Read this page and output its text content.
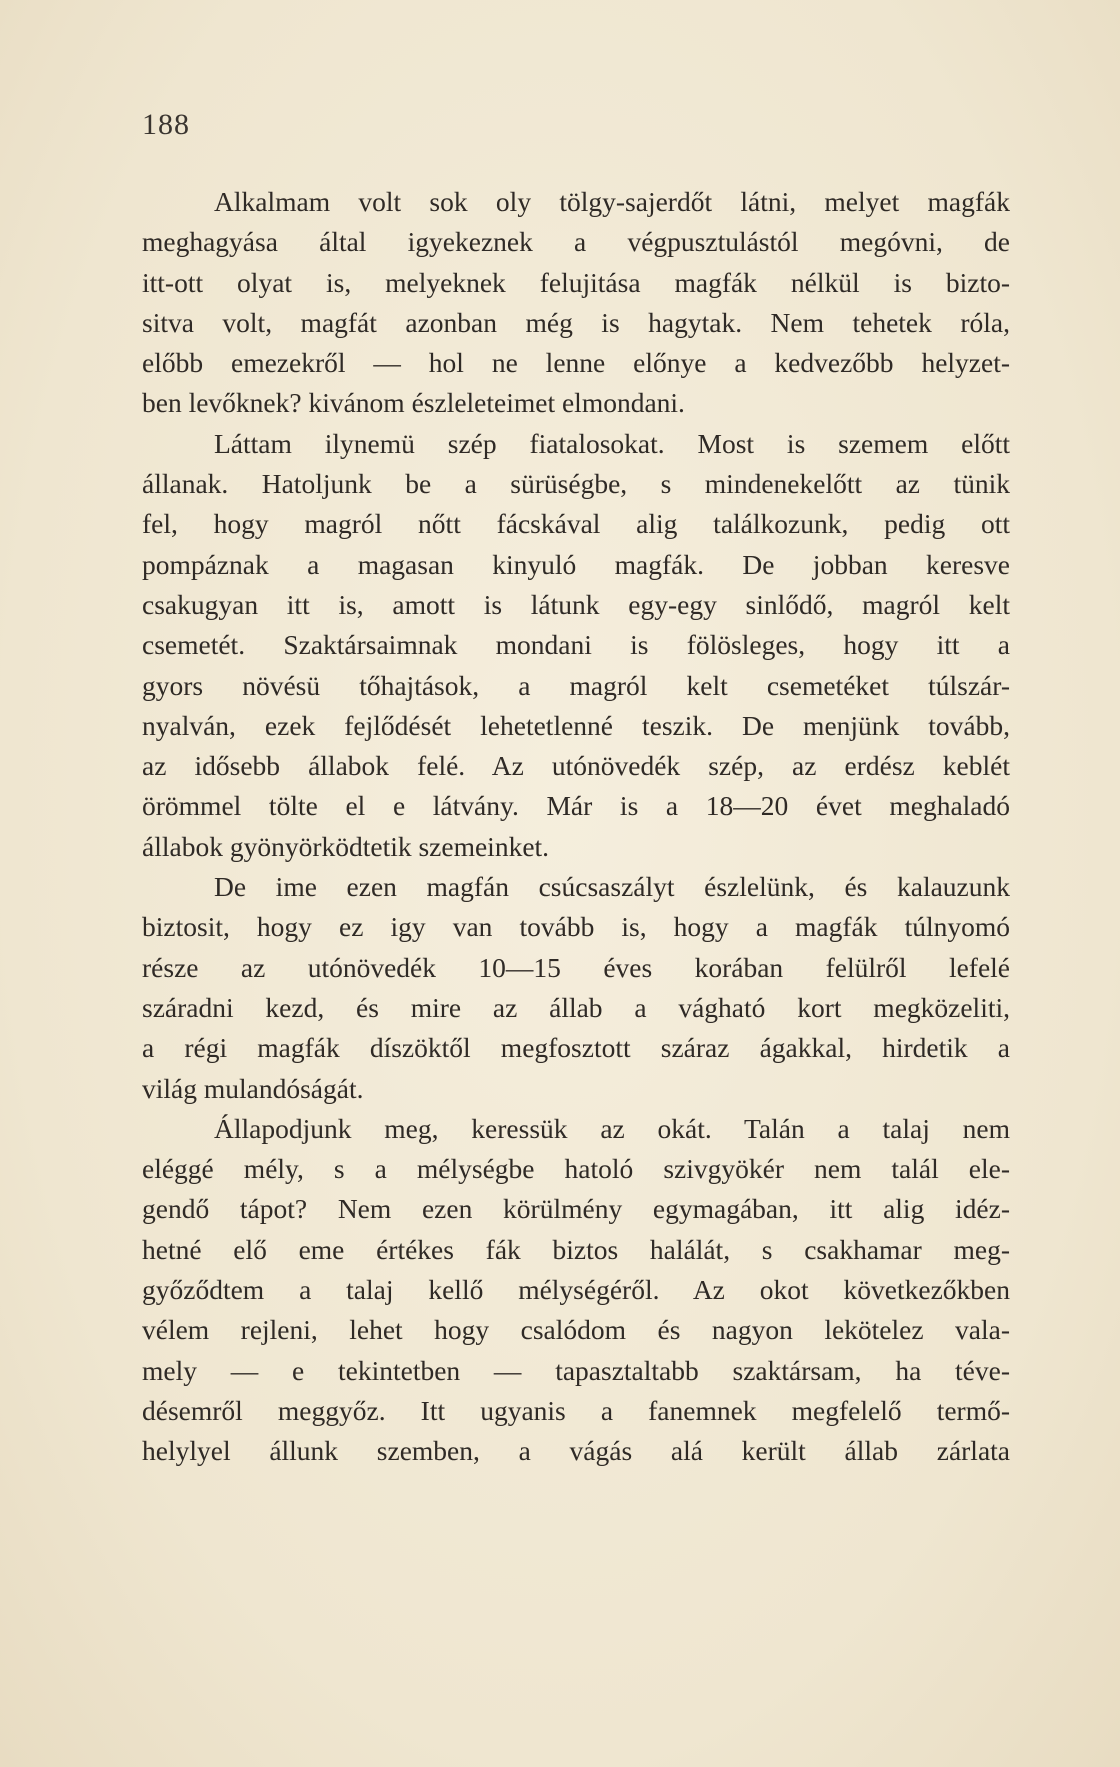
188
Alkalmam volt sok oly tölgy-sajerdőt látni, melyet magfák
meghagyása által igyekeznek a végpusztulástól megóvni, de
itt-ott olyat is, melyeknek felujitása magfák nélkül is bizto-
sitva volt, magfát azonban még is hagytak. Nem tehetek róla,
előbb emezekről — hol ne lenne előnye a kedvezőbb helyzet-
ben levőknek? kivánom észleleteimet elmondani.
Láttam ilynemü szép fiatalosokat. Most is szemem előtt
állanak. Hatoljunk be a sürüségbe, s mindenekelőtt az tünik
fel, hogy magról nőtt fácskával alig találkozunk, pedig ott
pompáznak a magasan kinyuló magfák. De jobban keresve
csakugyan itt is, amott is látunk egy-egy sinlődő, magról kelt
csemetét. Szaktársaimnak mondani is fölösleges, hogy itt a
gyors növésü tőhajtások, a magról kelt csemetéket túlszár-
nyalván, ezek fejlődését lehetetlenné teszik. De menjünk tovább,
az idősebb állabok felé. Az utónövedék szép, az erdész keblét
örömmel tölte el e látvány. Már is a 18—20 évet meghaladó
állabok gyönyörködtetik szemeinket.
De ime ezen magfán csúcsaszályt észlelünk, és kalauzunk
biztosit, hogy ez igy van tovább is, hogy a magfák túlnyomó
része az utónövedék 10—15 éves korában felülről lefelé
száradni kezd, és mire az állab a vágható kort megközeliti,
a régi magfák díszöktől megfosztott száraz ágakkal, hirdetik a
világ mulandóságát.
Állapodjunk meg, keressük az okát. Talán a talaj nem
eléggé mély, s a mélységbe hatoló szivgyökér nem talál ele-
gendő tápot? Nem ezen körülmény egymagában, itt alig idéz-
hetné elő eme értékes fák biztos halálát, s csakhamar meg-
győződtem a talaj kellő mélységéről. Az okot következőkben
vélem rejleni, lehet hogy csalódom és nagyon lekötelez vala-
mely — e tekintetben — tapasztaltabb szaktársam, ha téve-
désemről meggyőz. Itt ugyanis a fanemnek megfelelő termő-
helylyel állunk szemben, a vágás alá került állab zárlata
